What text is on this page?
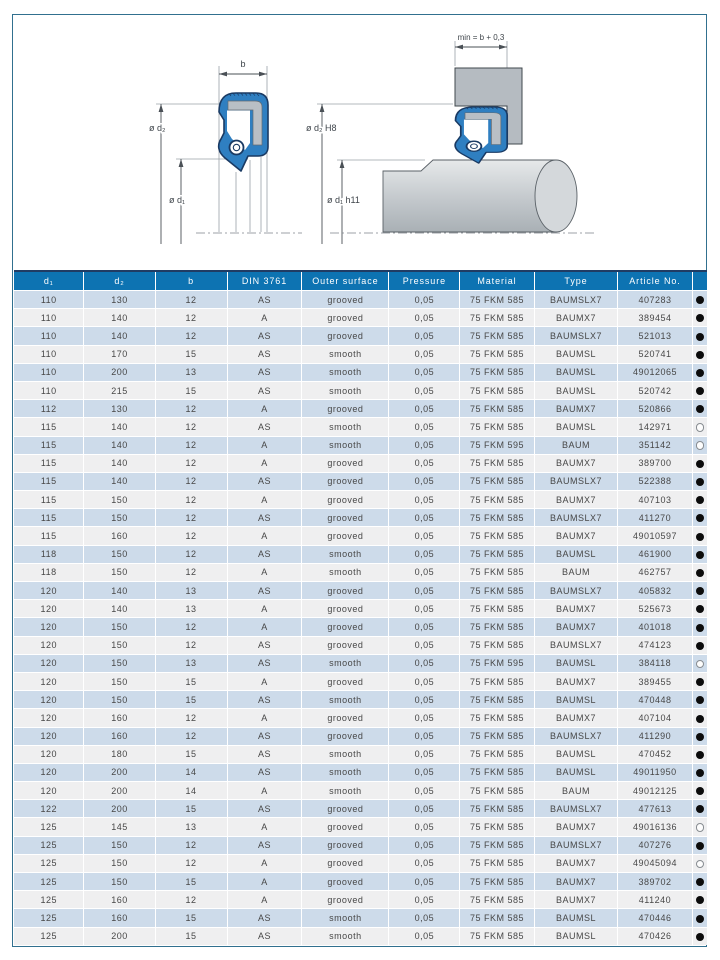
b
ø d₂
ø d₁
min = b + 0,3
ø d₂ H8
ø d₁ h11
d₁	d₂	b	DIN 3761	Outer surface	Pressure	Material	Type	Article No.	
110	130	12	AS	grooved	0,05	75 FKM 585	BAUMSLX7	407283	
110	140	12	A	grooved	0,05	75 FKM 585	BAUMX7	389454	
110	140	12	AS	grooved	0,05	75 FKM 585	BAUMSLX7	521013	
110	170	15	AS	smooth	0,05	75 FKM 585	BAUMSL	520741	
110	200	13	AS	smooth	0,05	75 FKM 585	BAUMSL	49012065	
110	215	15	AS	smooth	0,05	75 FKM 585	BAUMSL	520742	
112	130	12	A	grooved	0,05	75 FKM 585	BAUMX7	520866	
115	140	12	AS	smooth	0,05	75 FKM 585	BAUMSL	142971	
115	140	12	A	smooth	0,05	75 FKM 595	BAUM	351142	
115	140	12	A	grooved	0,05	75 FKM 585	BAUMX7	389700	
115	140	12	AS	grooved	0,05	75 FKM 585	BAUMSLX7	522388	
115	150	12	A	grooved	0,05	75 FKM 585	BAUMX7	407103	
115	150	12	AS	grooved	0,05	75 FKM 585	BAUMSLX7	411270	
115	160	12	A	grooved	0,05	75 FKM 585	BAUMX7	49010597	
118	150	12	AS	smooth	0,05	75 FKM 585	BAUMSL	461900	
118	150	12	A	smooth	0,05	75 FKM 585	BAUM	462757	
120	140	13	AS	grooved	0,05	75 FKM 585	BAUMSLX7	405832	
120	140	13	A	grooved	0,05	75 FKM 585	BAUMX7	525673	
120	150	12	A	grooved	0,05	75 FKM 585	BAUMX7	401018	
120	150	12	AS	grooved	0,05	75 FKM 585	BAUMSLX7	474123	
120	150	13	AS	smooth	0,05	75 FKM 595	BAUMSL	384118	
120	150	15	A	grooved	0,05	75 FKM 585	BAUMX7	389455	
120	150	15	AS	smooth	0,05	75 FKM 585	BAUMSL	470448	
120	160	12	A	grooved	0,05	75 FKM 585	BAUMX7	407104	
120	160	12	AS	grooved	0,05	75 FKM 585	BAUMSLX7	411290	
120	180	15	AS	smooth	0,05	75 FKM 585	BAUMSL	470452	
120	200	14	AS	smooth	0,05	75 FKM 585	BAUMSL	49011950	
120	200	14	A	smooth	0,05	75 FKM 585	BAUM	49012125	
122	200	15	AS	grooved	0,05	75 FKM 585	BAUMSLX7	477613	
125	145	13	A	grooved	0,05	75 FKM 585	BAUMX7	49016136	
125	150	12	AS	grooved	0,05	75 FKM 585	BAUMSLX7	407276	
125	150	12	A	grooved	0,05	75 FKM 585	BAUMX7	49045094	
125	150	15	A	grooved	0,05	75 FKM 585	BAUMX7	389702	
125	160	12	A	grooved	0,05	75 FKM 585	BAUMX7	411240	
125	160	15	AS	smooth	0,05	75 FKM 585	BAUMSL	470446	
125	200	15	AS	smooth	0,05	75 FKM 585	BAUMSL	470426	
